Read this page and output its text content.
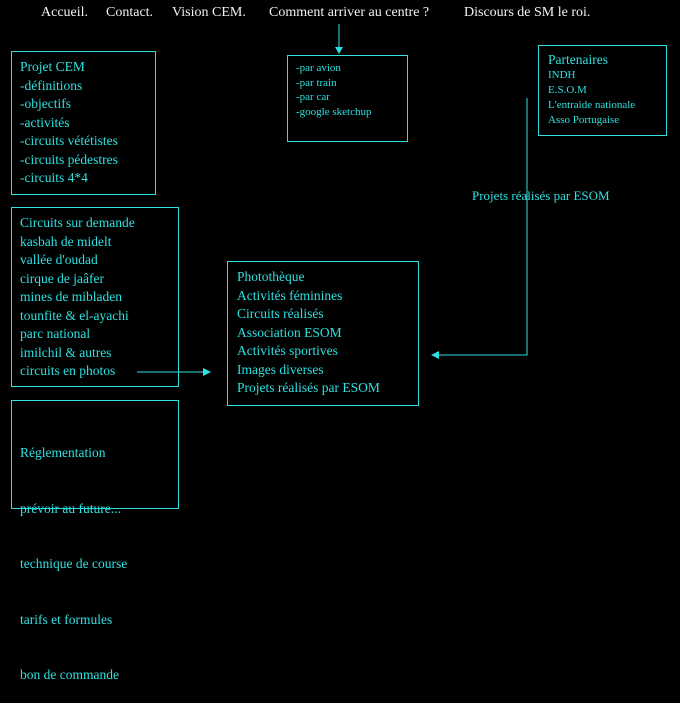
Accueil. Contact. Vision CEM. Comment arriver au centre ? Discours de SM le roi.
-par avion
-par train
-par car
-google sketchup
Partenaires
INDH
E.S.O.M
L'entraide nationale
Asso Portugaise
Projet CEM
-définitions
-objectifs
-activités
-circuits vététistes
-circuits pédestres
-circuits 4*4
Projets réalisés par ESOM
Circuits sur demande
kasbah de midelt
vallée d'oudad
cirque de jaâfer
mines de mibladen
tounfite & el-ayachi
parc national
imilchil & autres
circuits en photos
Photothèque
Activités féminines
Circuits réalisés
Association ESOM
Activités sportives
Images diverses
Projets réalisés par ESOM

Réglementation

prévoir au future...

technique de course

tarifs et formules

bon de commande
